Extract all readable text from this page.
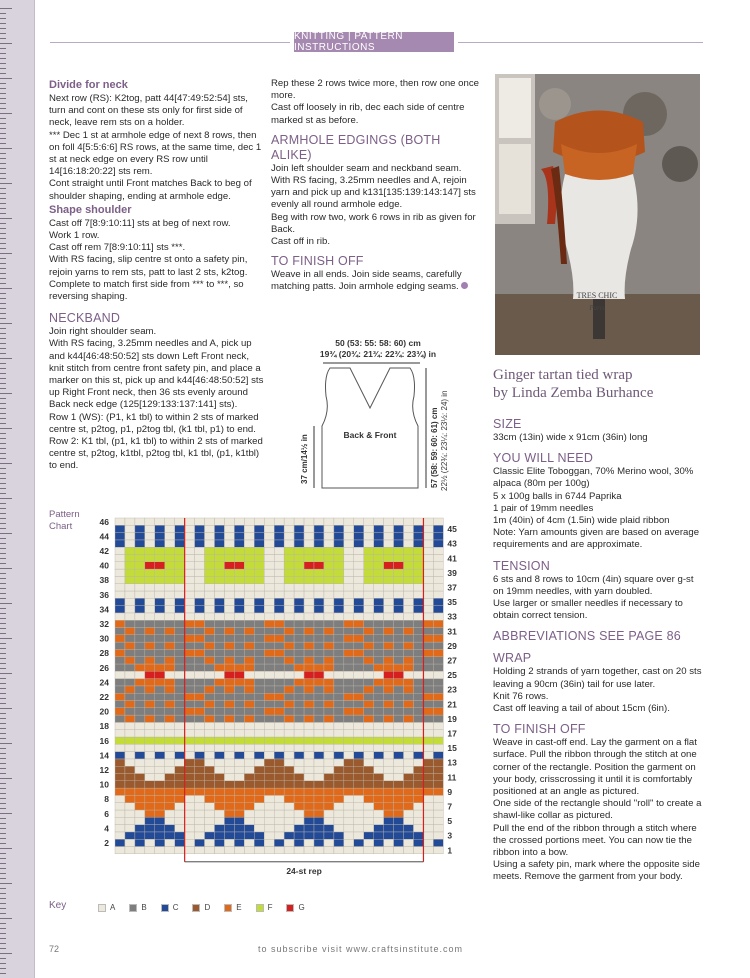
KNITTING | PATTERN INSTRUCTIONS
Divide for neck

Next row (RS): K2tog, patt 44[47:49:52:54] sts, turn and cont on these sts only for first side of neck, leave rem sts on a holder.
*** Dec 1 st at armhole edge of next 8 rows, then on foll 4[5:5:6:6] RS rows, at the same time, dec 1 st at neck edge on every RS row until 14[16:18:20:22] sts rem.
Cont straight until Front matches Back to beg of shoulder shaping, ending at armhole edge.

Shape shoulder

Cast off 7[8:9:10:11] sts at beg of next row.
Work 1 row.
Cast off rem 7[8:9:10:11] sts ***.
With RS facing, slip centre st onto a safety pin, rejoin yarns to rem sts, patt to last 2 sts, k2tog.
Complete to match first side from *** to ***, so reversing shaping.

NECKBAND

Join right shoulder seam.
With RS facing, 3.25mm needles and A, pick up and k44[46:48:50:52] sts down Left Front neck, knit stitch from centre front safety pin, and place a marker on this st, pick up and k44[46:48:50:52] sts up Right Front neck, then 36 sts evenly around Back neck edge (125[129:133:137:141] sts).

Row 1 (WS): (P1, k1 tbl) to within 2 sts of marked centre st, p2tog, p1, p2tog tbl, (k1 tbl, p1) to end.

Row 2: K1 tbl, (p1, k1 tbl) to within 2 sts of marked centre st, p2tog, k1tbl, p2tog tbl, k1 tbl, (p1, k1tbl) to end.

Rep these 2 rows twice more, then row one once more.
Cast off loosely in rib, dec each side of centre marked st as before.

ARMHOLE EDGINGS (BOTH ALIKE)

Join left shoulder seam and neckband seam.
With RS facing, 3.25mm needles and A, rejoin yarn and pick up and k131[135:139:143:147] sts evenly all round armhole edge.
Beg with row two, work 6 rows in rib as given for Back.
Cast off in rib.

TO FINISH OFF

Weave in all ends. Join side seams, carefully matching patts. Join armhole edging seams.

50 (53: 55: 58: 60) cm
19¾ (20¾: 21¾: 22¾: 23¾) in
Back & Front
37 cm/14½ in	57 (58: 59: 60: 61) cm 22½ (22¾: 23¼: 23½: 24) in
TRES CHIC
Paris
Ginger tartan tied wrap
by Linda Zemba Burhance
SIZE

33cm (13in) wide x 91cm (36in) long

YOU WILL NEED

Classic Elite Toboggan, 70% Merino wool, 30% alpaca (80m per 100g)
5 x 100g balls in 6744 Paprika
1 pair of 19mm needles
1m (40in) of 4cm (1.5in) wide plaid ribbon
Note: Yarn amounts given are based on average requirements and are approximate.

TENSION

6 sts and 8 rows to 10cm (4in) square over g-st on 19mm needles, with yarn doubled.
Use larger or smaller needles if necessary to obtain correct tension.

ABBREVIATIONS SEE PAGE 86
WRAP

Holding 2 strands of yarn together, cast on 20 sts leaving a 90cm (36in) tail for use later.
Knit 76 rows.
Cast off leaving a tail of about 15cm (6in).

TO FINISH OFF

Weave in cast-off end. Lay the garment on a flat surface. Pull the ribbon through the stitch at one corner of the rectangle. Position the garment on your body, crisscrossing it until it is comfortably positioned at an angle as pictured.
One side of the rectangle should "roll" to create a shawl-like collar as pictured.
Pull the end of the ribbon through a stitch where the crossed portions meet. You can now tie the ribbon into a bow.
Using a safety pin, mark where the opposite side meets. Remove the garment from your body.

Pattern
Chart
24-st rep
46
44
42
40
38
36
34
32
30
28
26
24
22
20
18
16
14
12
10
8
6
4
2
45
43
41
39
37
35
33
31
29
27
25
23
21
19
17
15
13
11
9
7
5
3
1
Key	A	B	C	D	E	F	G
72	to subscribe visit www.craftsinstitute.com
